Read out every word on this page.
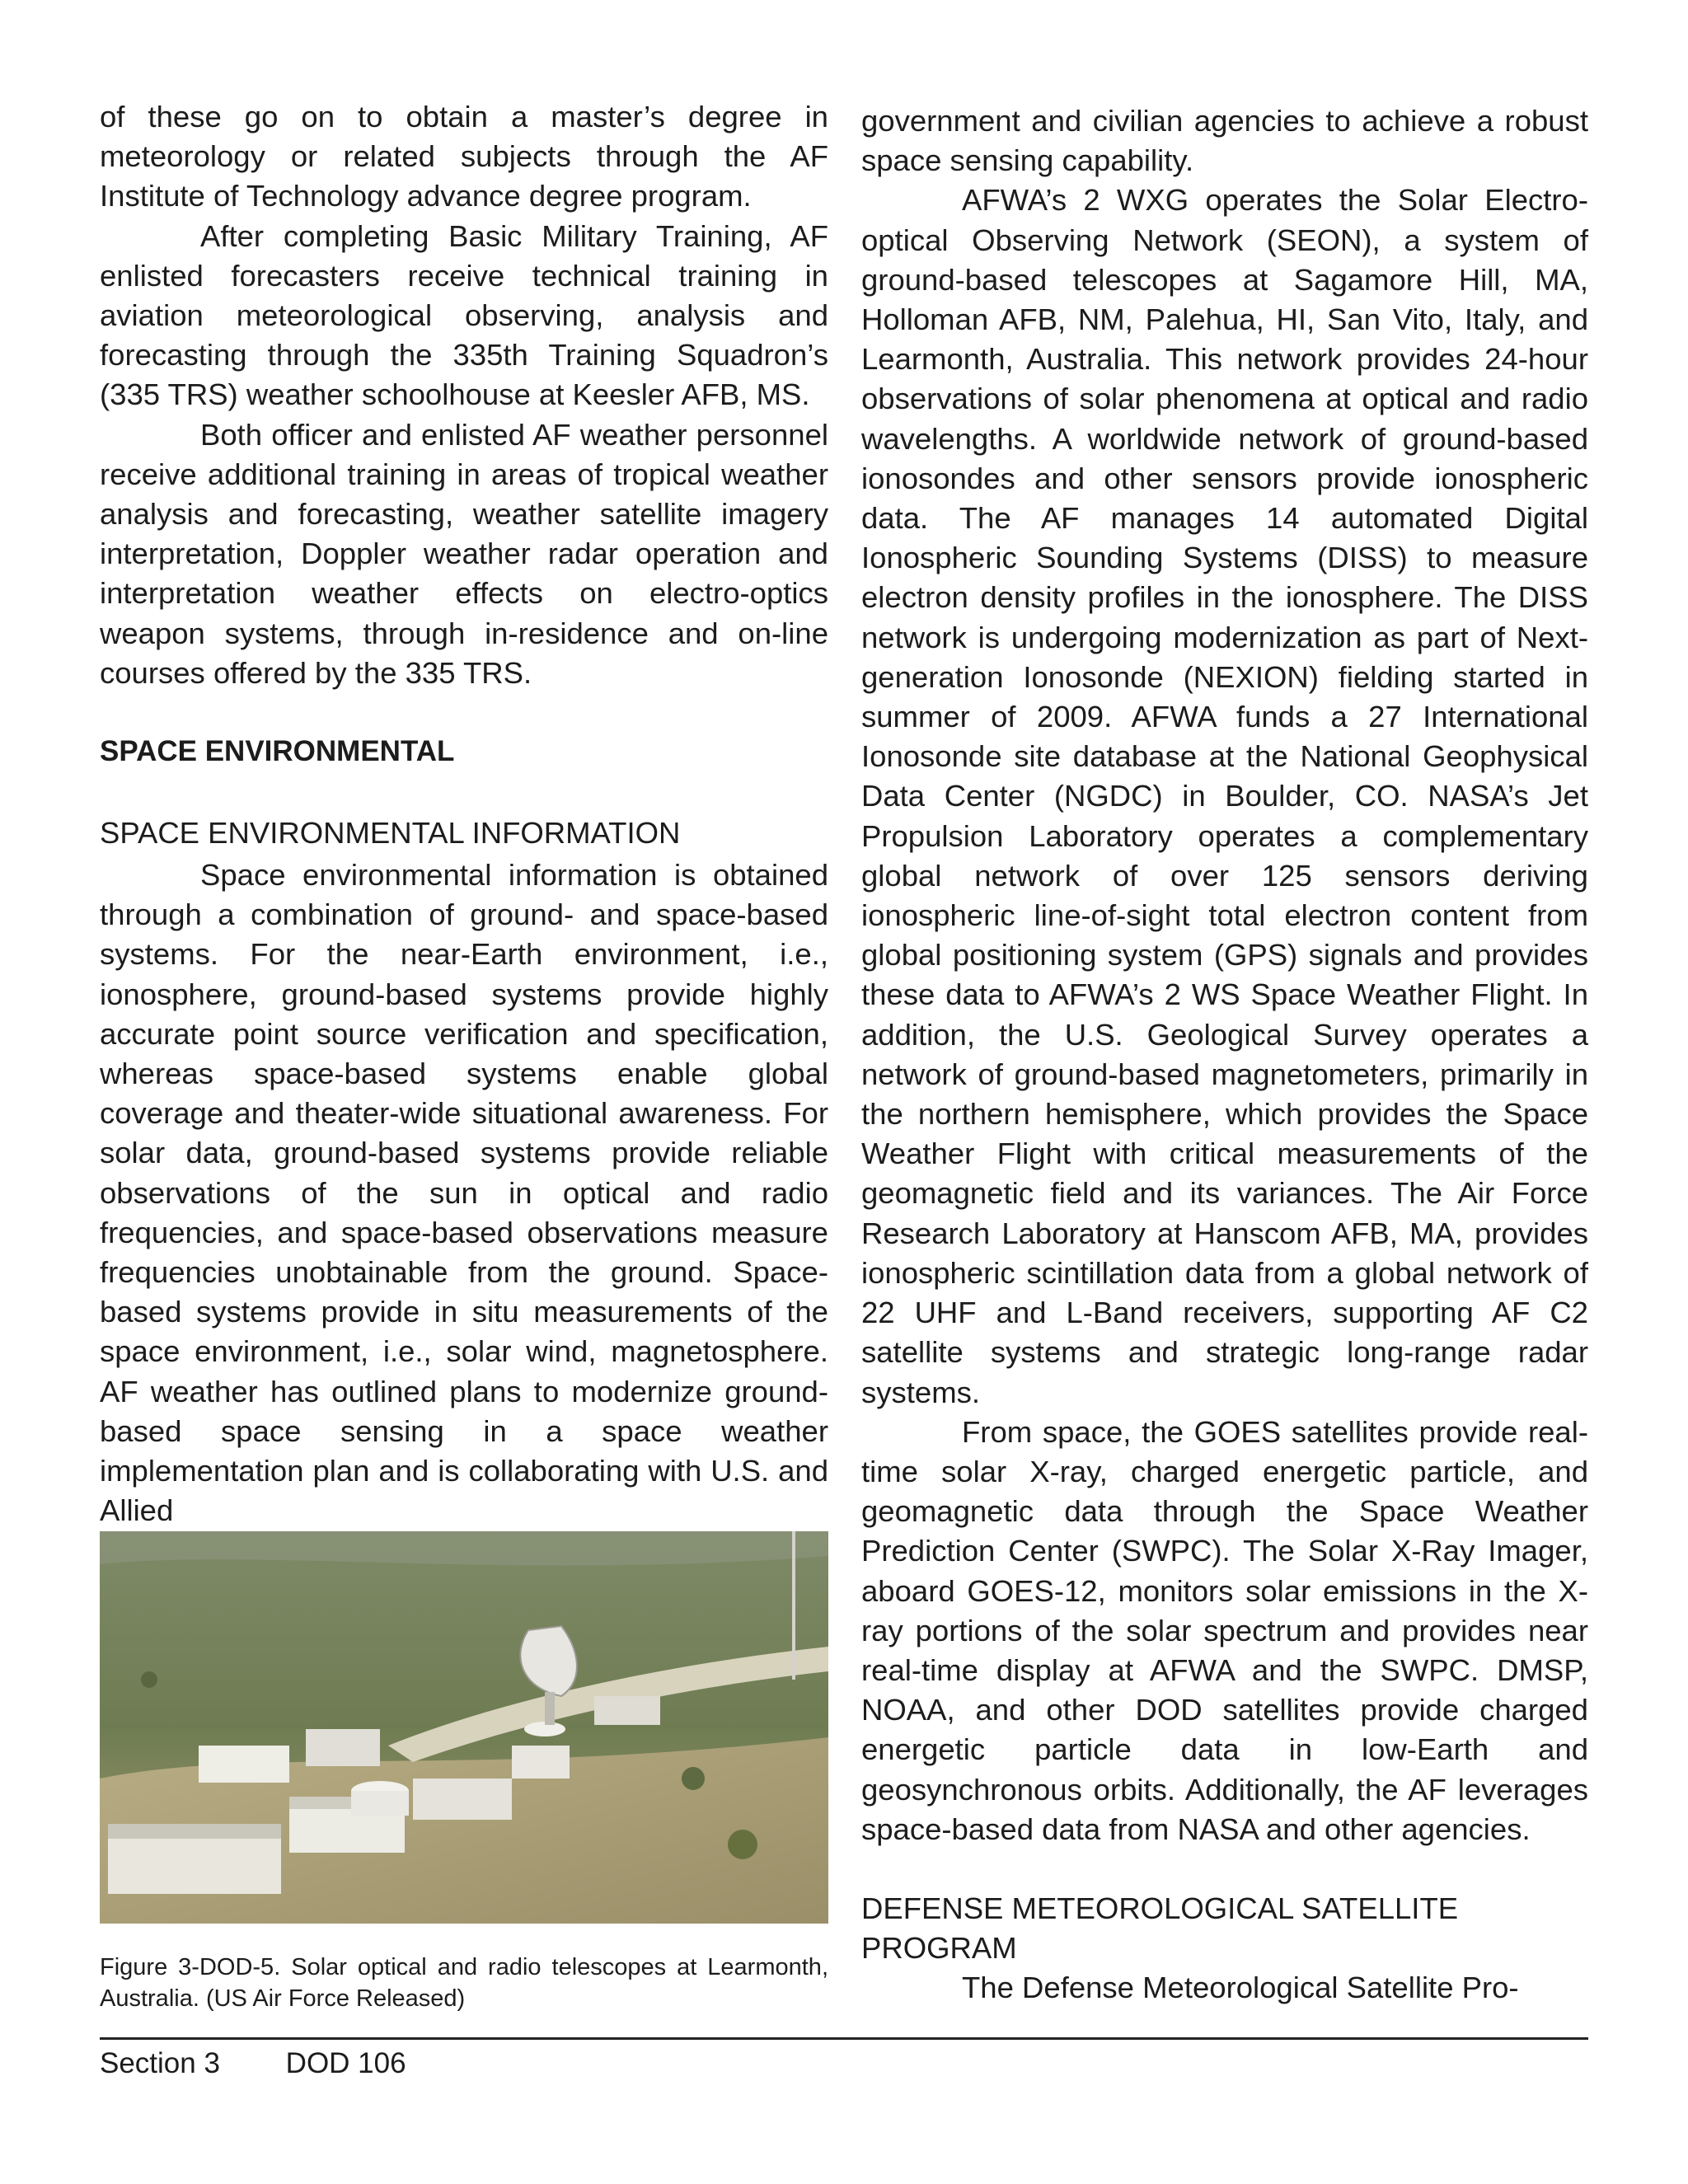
of these go on to obtain a master’s degree in meteorology or related subjects through the AF Institute of Technology advance degree program.

After completing Basic Military Training, AF enlisted forecasters receive technical training in aviation meteorological observing, analysis and forecasting through the 335th Training Squadron’s (335 TRS) weather schoolhouse at Keesler AFB, MS.

Both officer and enlisted AF weather personnel receive additional training in areas of tropical weather analysis and forecasting, weather satellite imagery interpretation, Doppler weather radar operation and interpretation weather effects on electro-optics weapon systems, through in-residence and on-line courses offered by the 335 TRS.

SPACE ENVIRONMENTAL
SPACE ENVIRONMENTAL INFORMATION

Space environmental information is obtained through a combination of ground- and space-based systems. For the near-Earth environment, i.e., ionosphere, ground-based systems provide highly accurate point source verification and specification, whereas space-based systems enable global coverage and theater-wide situational awareness. For solar data, ground-based systems provide reliable observations of the sun in optical and radio frequencies, and space-based observations measure frequencies unobtainable from the ground. Space-based systems provide in situ measurements of the space environment, i.e., solar wind, magnetosphere. AF weather has outlined plans to modernize ground-based space sensing in a space weather implementation plan and is collaborating with U.S. and Allied

Figure 3-DOD-5. Solar optical and radio telescopes at Learmonth, Australia. (US Air Force Released)

government and civilian agencies to achieve a robust space sensing capability.

AFWA’s 2 WXG operates the Solar Electro-optical Observing Network (SEON), a system of ground-based telescopes at Sagamore Hill, MA, Holloman AFB, NM, Palehua, HI, San Vito, Italy, and Learmonth, Australia. This network provides 24-hour observations of solar phenomena at optical and radio wavelengths. A worldwide network of ground-based ionosondes and other sensors provide ionospheric data. The AF manages 14 automated Digital Ionospheric Sounding Systems (DISS) to measure electron density profiles in the ionosphere. The DISS network is undergoing modernization as part of Next-generation Ionosonde (NEXION) fielding started in summer of 2009. AFWA funds a 27 International Ionosonde site database at the National Geophysical Data Center (NGDC) in Boulder, CO. NASA’s Jet Propulsion Laboratory operates a complementary global network of over 125 sensors deriving ionospheric line-of-sight total electron content from global positioning system (GPS) signals and provides these data to AFWA’s 2 WS Space Weather Flight. In addition, the U.S. Geological Survey operates a network of ground-based magnetometers, primarily in the northern hemisphere, which provides the Space Weather Flight with critical measurements of the geomagnetic field and its variances. The Air Force Research Laboratory at Hanscom AFB, MA, provides ionospheric scintillation data from a global network of 22 UHF and L-Band receivers, supporting AF C2 satellite systems and strategic long-range radar systems.

From space, the GOES satellites provide real-time solar X-ray, charged energetic particle, and geomagnetic data through the Space Weather Prediction Center (SWPC). The Solar X-Ray Imager, aboard GOES-12, monitors solar emissions in the X-ray portions of the solar spectrum and provides near real-time display at AFWA and the SWPC. DMSP, NOAA, and other DOD satellites provide charged energetic particle data in low-Earth and geosynchronous orbits. Additionally, the AF leverages space-based data from NASA and other agencies.

DEFENSE METEOROLOGICAL SATELLITE PROGRAM

The Defense Meteorological Satellite Pro-

Section 3 DOD 106
